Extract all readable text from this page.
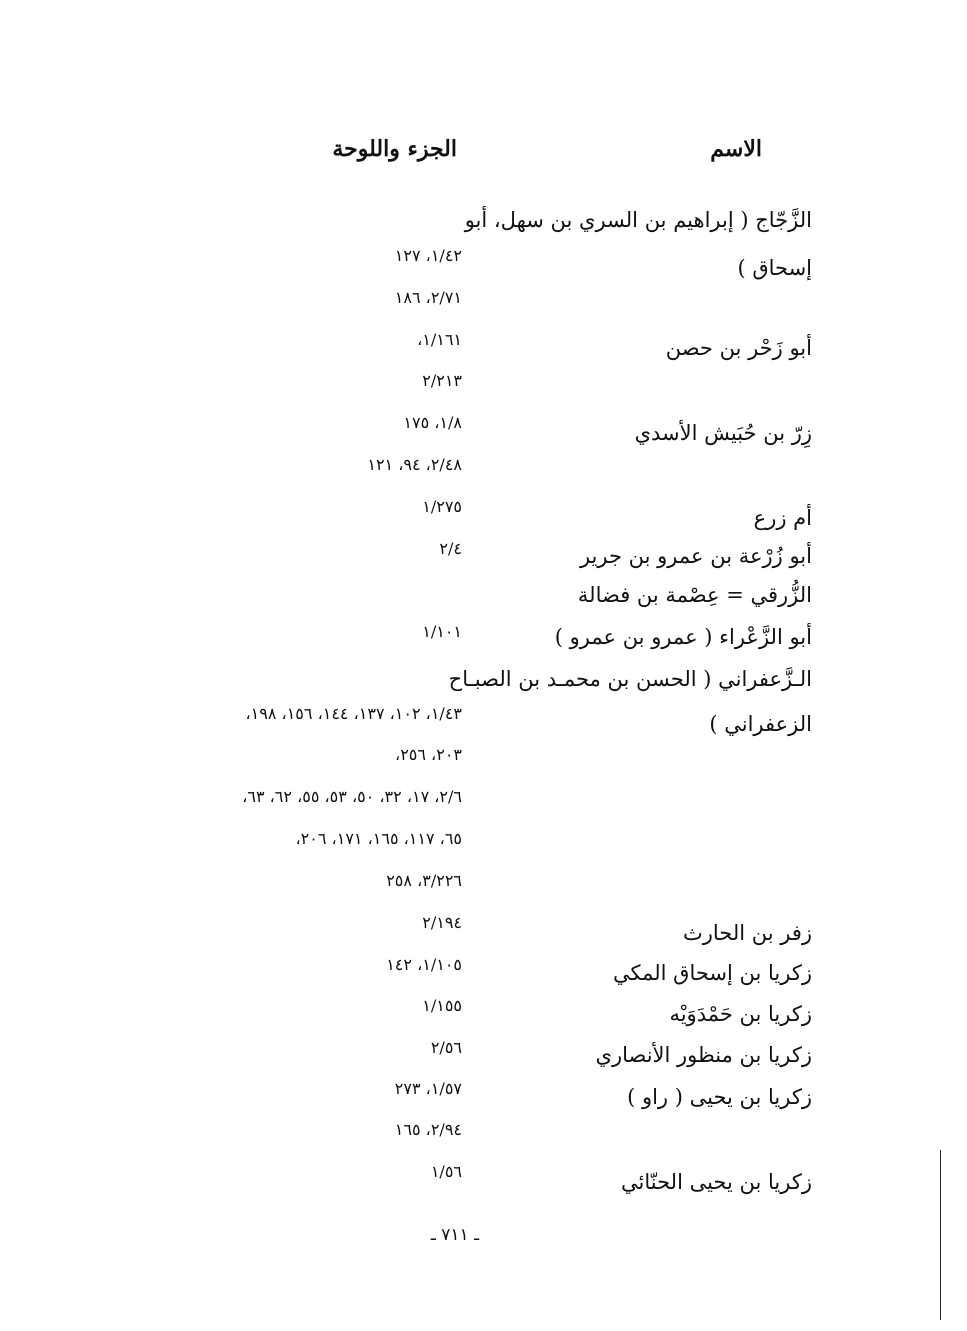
الاسم
الجزء واللوحة
الزَّجّاج ( إبراهيم بن السري بن سهل، أبو
إسحاق )
١/٤٢، ١٢٧
٢/٧١، ١٨٦
أبو زَحْر بن حصن
١/١٦١،
٢/٢١٣
زِرّ بن حُبَيش الأسدي
١/٨، ١٧٥
٢/٤٨، ٩٤، ١٢١
أم زرع
١/٢٧٥
أبو زُرْعة بن عمرو بن جرير
٢/٤
الزُّرقي = عِصْمة بن فضالة
أبو الزَّعْراء ( عمرو بن عمرو )
١/١٠١
الـزَّعفراني ( الحسن بن محمـد بن الصبـاح
الزعفراني )
١/٤٣، ١٠٢، ١٣٧، ١٤٤، ١٥٦، ١٩٨،
٢٠٣، ٢٥٦،
٢/٦، ١٧، ٣٢، ٥٠، ٥٣، ٥٥، ٦٢، ٦٣،
٦٥، ١١٧، ١٦٥، ١٧١، ٢٠٦،
٣/٢٢٦، ٢٥٨
زفر بن الحارث
٢/١٩٤
زكريا بن إسحاق المكي
١/١٠٥، ١٤٢
زكريا بن حَمْدَوَيْه
١/١٥٥
زكريا بن منظور الأنصاري
٢/٥٦
زكريا بن يحيى ( راو )
١/٥٧، ٢٧٣
٢/٩٤، ١٦٥
زكريا بن يحيى الحنّائي
١/٥٦
ـ ٧١١ ـ
